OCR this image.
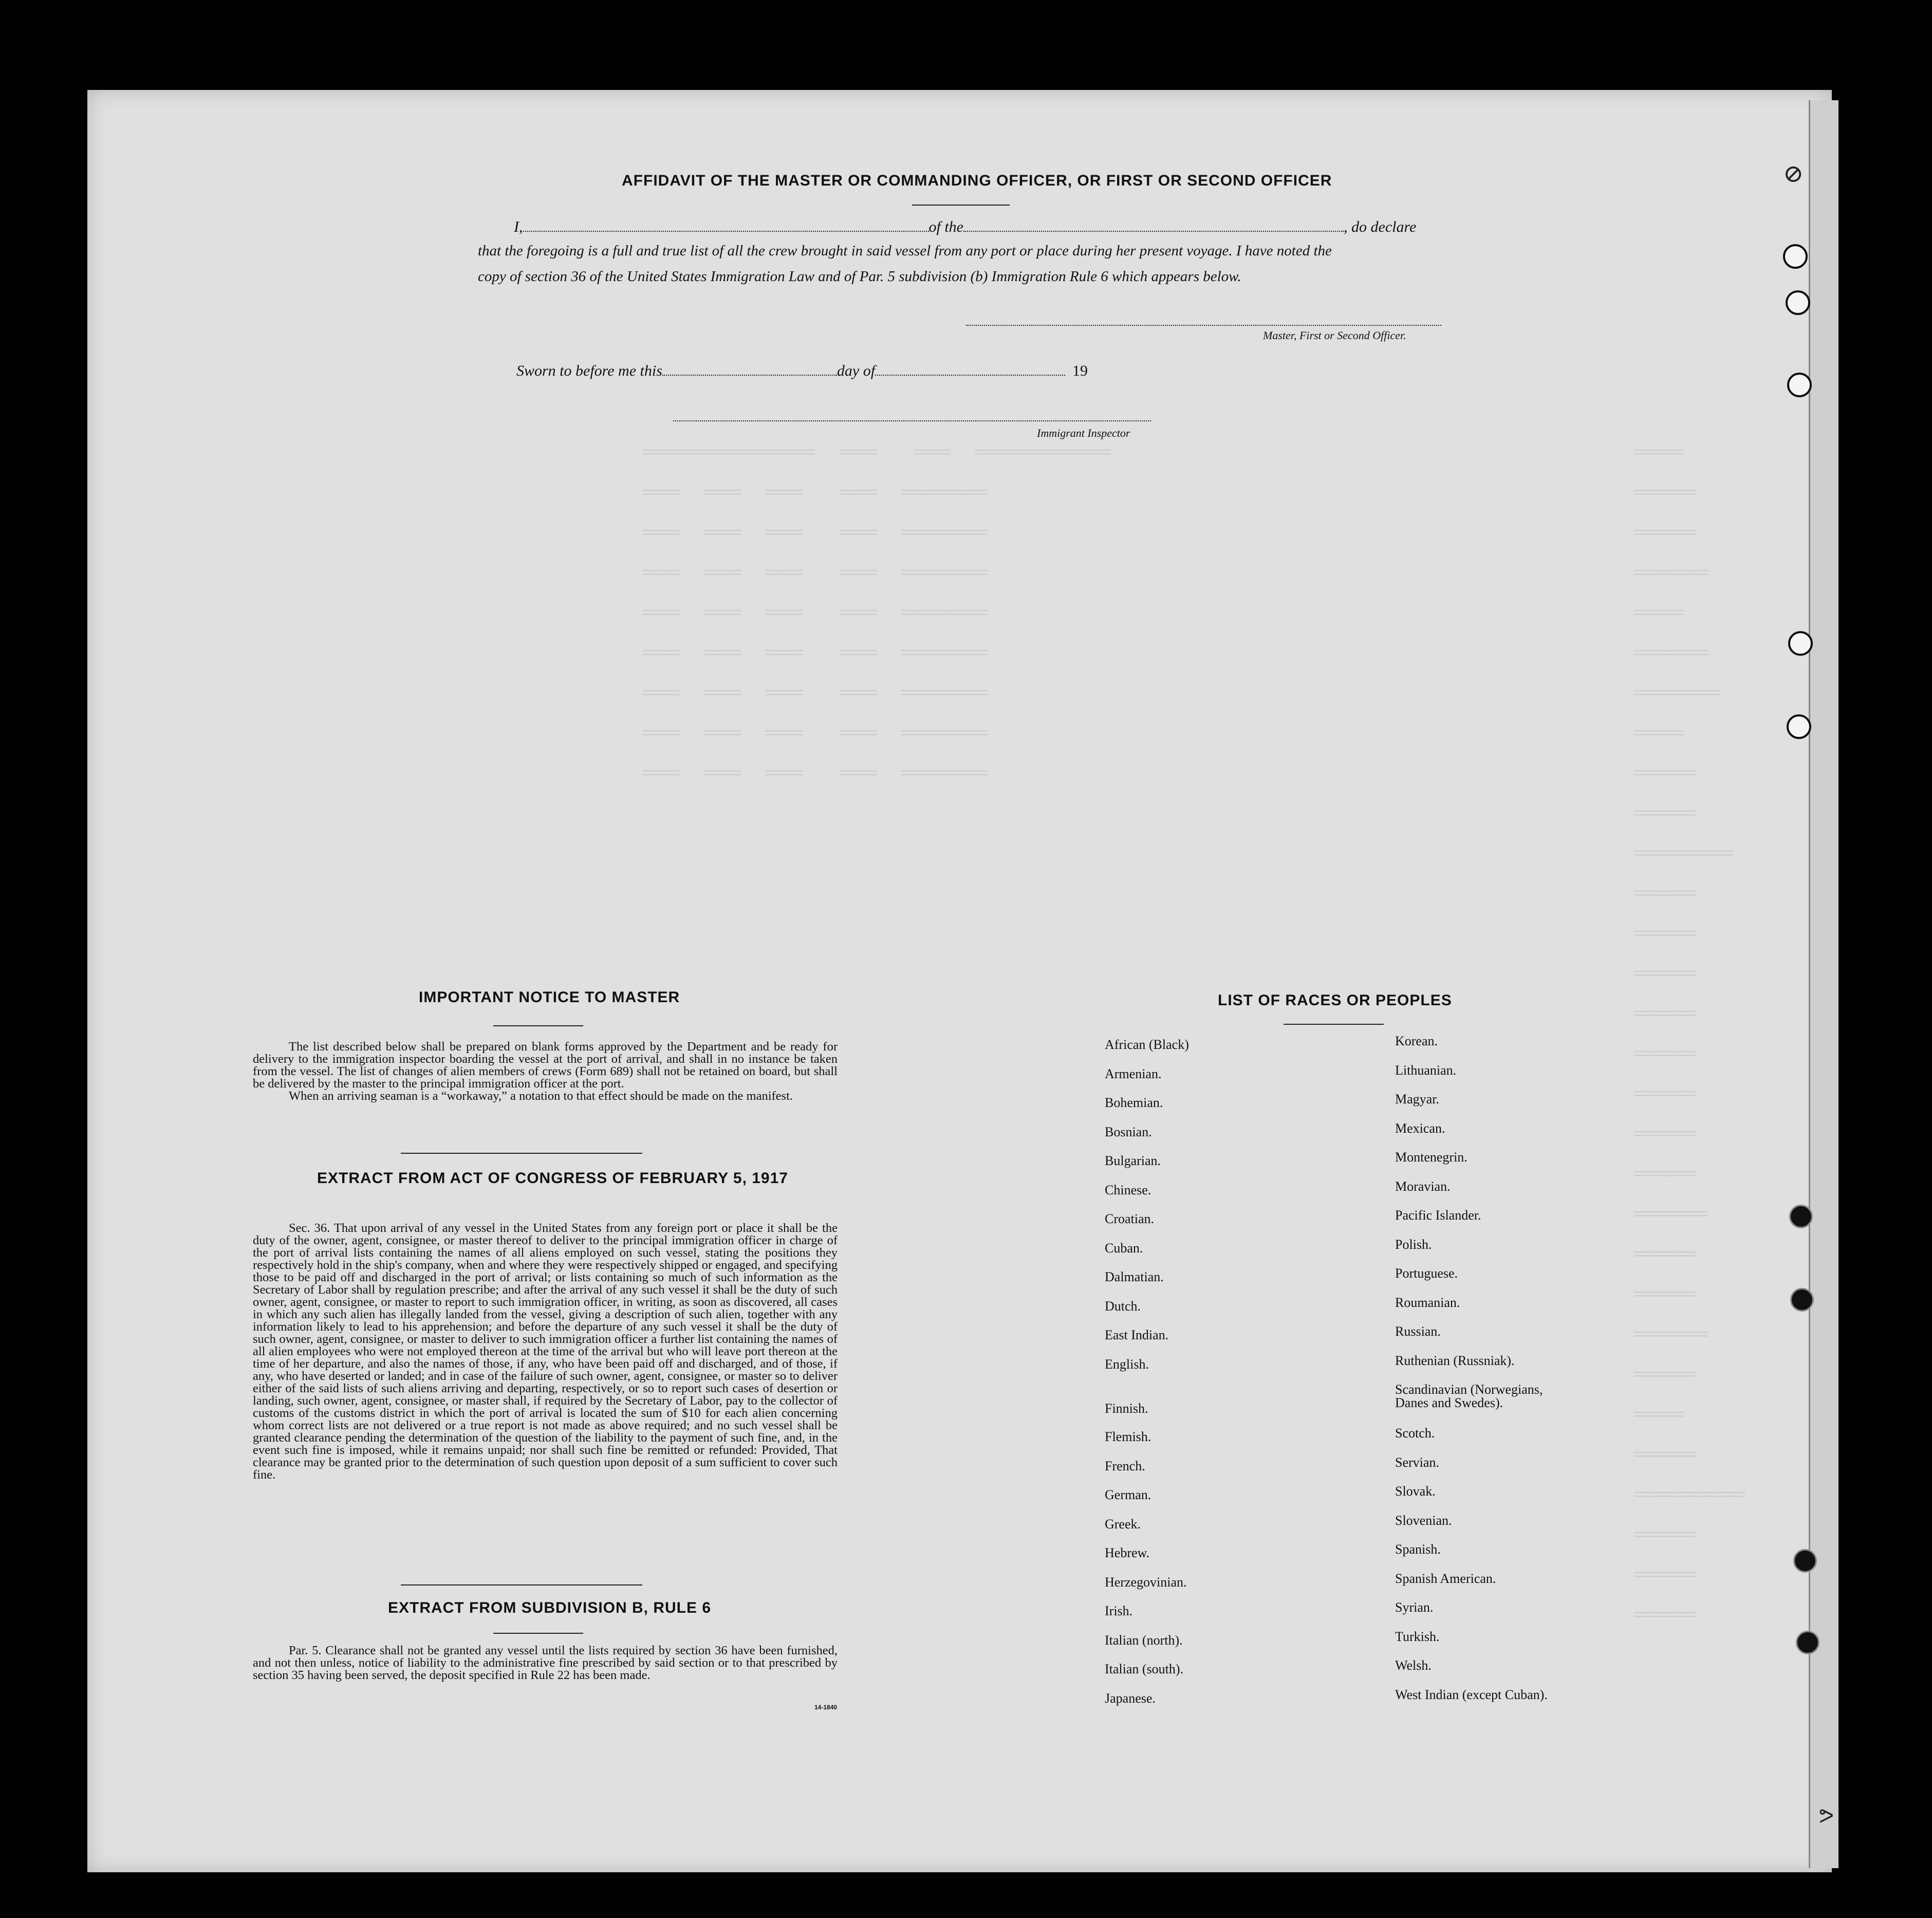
⊘
ᕗ
════
═════
═════
══════
════
══════
═══════
════
═════
═════
════════
═════
═════
═════
═════
═════
═════
═════
═════
══════
═════
═════
══════
═════
════
═════
═════════
═════
═════
═════
══════════════  ═══   ═══  ═══════════
═══  ═══  ═══   ═══  ═══════
═══  ═══  ═══   ═══  ═══════
═══  ═══  ═══   ═══  ═══════
═══  ═══  ═══   ═══  ═══════
═══  ═══  ═══   ═══  ═══════
═══  ═══  ═══   ═══  ═══════
═══  ═══  ═══   ═══  ═══════
═══  ═══  ═══   ═══  ═══════
AFFIDAVIT OF THE MASTER OR COMMANDING OFFICER, OR FIRST OR SECOND OFFICER
I,	of the	, do declare
that the foregoing is a full and true list of all the crew brought in said vessel from any port or place during her present voyage. I have noted the
copy of section 36 of the United States Immigration Law and of Par. 5 subdivision (b) Immigration Rule 6 which appears below.
Master, First or Second Officer.
Sworn to before me this	day of	19
Immigrant Inspector
IMPORTANT NOTICE TO MASTER

The list described below shall be prepared on blank forms approved by the Department and be ready for delivery to the immigration inspector boarding the vessel at the port of arrival, and shall in no instance be taken from the vessel. The list of changes of alien members of crews (Form 689) shall not be retained on board, but shall be delivered by the master to the principal immigration officer at the port.

When an arriving seaman is a “workaway,” a notation to that effect should be made on the manifest.

EXTRACT FROM ACT OF CONGRESS OF FEBRUARY 5, 1917
Sec. 36. That upon arrival of any vessel in the United States from any foreign port or place it shall be the duty of the owner, agent, consignee, or master thereof to deliver to the principal immigration officer in charge of the port of arrival lists containing the names of all aliens employed on such vessel, stating the positions they respectively hold in the ship's company, when and where they were respectively shipped or engaged, and specifying those to be paid off and discharged in the port of arrival; or lists containing so much of such information as the Secretary of Labor shall by regulation prescribe; and after the arrival of any such vessel it shall be the duty of such owner, agent, consignee, or master to report to such immigration officer, in writing, as soon as discovered, all cases in which any such alien has illegally landed from the vessel, giving a description of such alien, together with any information likely to lead to his apprehension; and before the departure of any such vessel it shall be the duty of such owner, agent, consignee, or master to deliver to such immigration officer a further list containing the names of all alien employees who were not employed thereon at the time of the arrival but who will leave port thereon at the time of her departure, and also the names of those, if any, who have been paid off and discharged, and of those, if any, who have deserted or landed; and in case of the failure of such owner, agent, consignee, or master so to deliver either of the said lists of such aliens arriving and departing, respectively, or so to report such cases of desertion or landing, such owner, agent, consignee, or master shall, if required by the Secretary of Labor, pay to the collector of customs of the customs district in which the port of arrival is located the sum of $10 for each alien concerning whom correct lists are not delivered or a true report is not made as above required; and no such vessel shall be granted clearance pending the determination of the question of the liability to the payment of such fine, and, in the event such fine is imposed, while it remains unpaid; nor shall such fine be remitted or refunded: Provided, That clearance may be granted prior to the determination of such question upon deposit of a sum sufficient to cover such fine.
EXTRACT FROM SUBDIVISION B, RULE 6
Par. 5. Clearance shall not be granted any vessel until the lists required by section 36 have been furnished, and not then unless, notice of liability to the administrative fine prescribed by said section or to that prescribed by section 35 having been served, the deposit specified in Rule 22 has been made.
14-1840
LIST OF RACES OR PEOPLES
African (Black)
Armenian.
Bohemian.
Bosnian.
Bulgarian.
Chinese.
Croatian.
Cuban.
Dalmatian.
Dutch.
East Indian.
English.
Finnish.
Flemish.
French.
German.
Greek.
Hebrew.
Herzegovinian.
Irish.
Italian (north).
Italian (south).
Japanese.
Korean.
Lithuanian.
Magyar.
Mexican.
Montenegrin.
Moravian.
Pacific Islander.
Polish.
Portuguese.
Roumanian.
Russian.
Ruthenian (Russniak).
Scandinavian (Norwegians,
Danes and Swedes).
Scotch.
Servian.
Slovak.
Slovenian.
Spanish.
Spanish American.
Syrian.
Turkish.
Welsh.
West Indian (except Cuban).
